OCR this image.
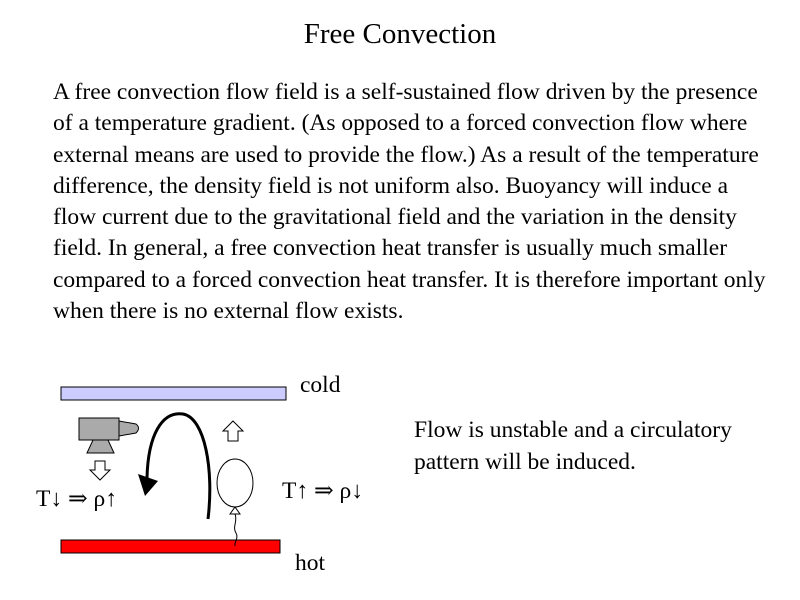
Free Convection
A free convection flow field is a self-sustained flow driven by the presence of a temperature gradient. (As opposed to a forced convection flow where external means are used to provide the flow.) As a result of the temperature difference, the density field is not uniform also. Buoyancy will induce a flow current due to the gravitational field and the variation in the density field. In general, a free convection heat transfer is usually much smaller compared to a forced convection heat transfer. It is therefore important only when there is no external flow exists.
cold
hot
T↓ ⇒ ρ↑	T↑ ⇒ ρ↓
Flow is unstable and a circulatory pattern will be induced.
